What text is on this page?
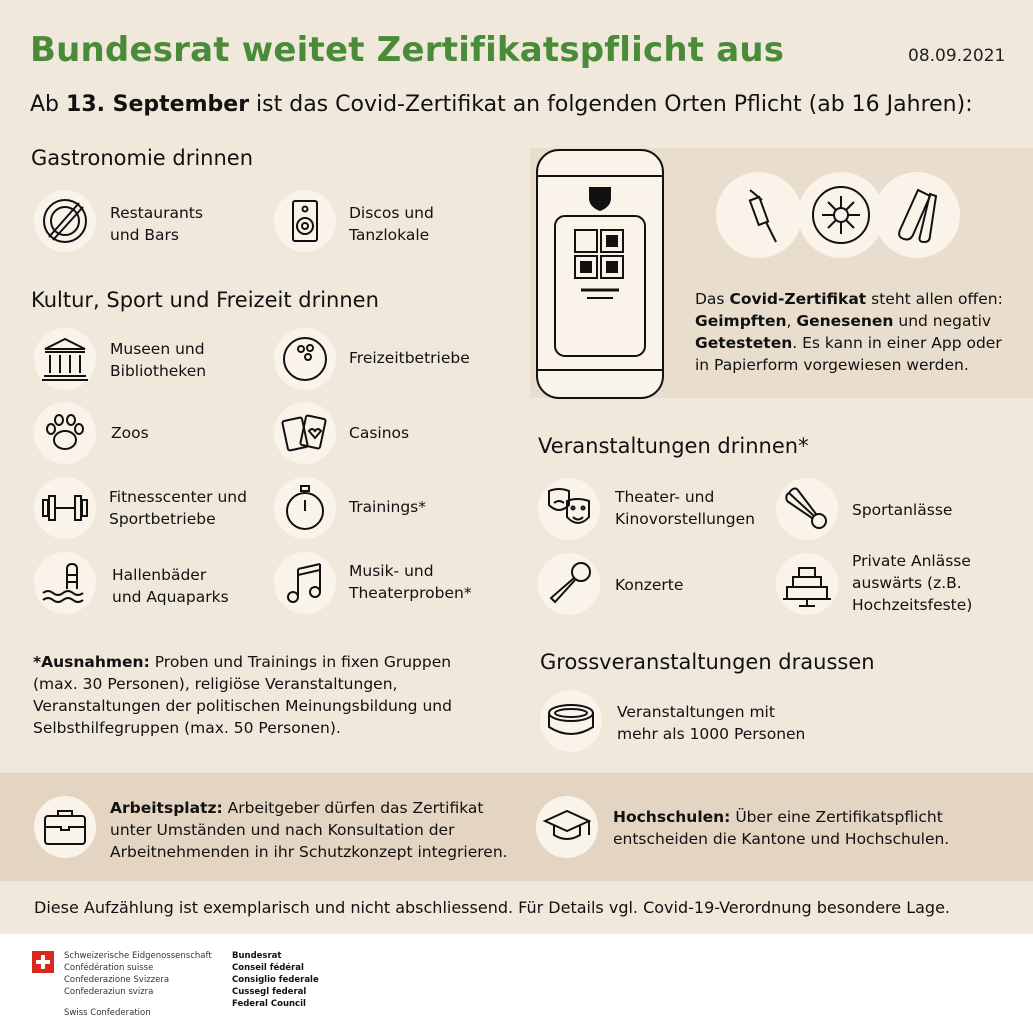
Bundesrat weitet Zertifikatspflicht aus	08.09.2021
Ab 13. September ist das Covid-Zertifikat an folgenden Orten Pflicht (ab 16 Jahren):
Gastronomie drinnen
Restaurants
und Bars
Discos und
Tanzlokale
Kultur, Sport und Freizeit drinnen
Museen und
Bibliotheken
Freizeitbetriebe
Zoos	Casinos
Fitnesscenter und
Sportbetriebe
Trainings*
Hallenbäder
und Aquaparks
Musik- und
Theaterproben*
Das Covid-Zertifikat steht allen offen: Geimpften, Genesenen und negativ Getesteten. Es kann in einer App oder in Papierform vorgewiesen werden.
Veranstaltungen drinnen*
Theater- und
Kinovorstellungen	Sportanlässe
Konzerte
Private Anlässe
auswärts (z.B.
Hochzeitsfeste)
Grossveranstaltungen draussen
Veranstaltungen mit
mehr als 1000 Personen
*Ausnahmen: Proben und Trainings in fixen Gruppen (max. 30 Personen), religiöse Veranstaltungen, Veranstaltungen der politischen Meinungsbildung und Selbsthilfegruppen (max. 50 Personen).
Arbeitsplatz: Arbeitgeber dürfen das Zertifikat unter Umständen und nach Konsultation der Arbeitnehmenden in ihr Schutzkonzept integrieren.
Hochschulen: Über eine Zertifikatspflicht entscheiden die Kantone und Hochschulen.
Diese Aufzählung ist exemplarisch und nicht abschliessend. Für Details vgl. Covid-19-Verordnung besondere Lage.
Schweizerische Eidgenossenschaft
Confédération suisse
Confederazione Svizzera
Confederaziun svizra
Swiss Confederation
Bundesrat
Conseil fédéral
Consiglio federale
Cussegl federal
Federal Council
